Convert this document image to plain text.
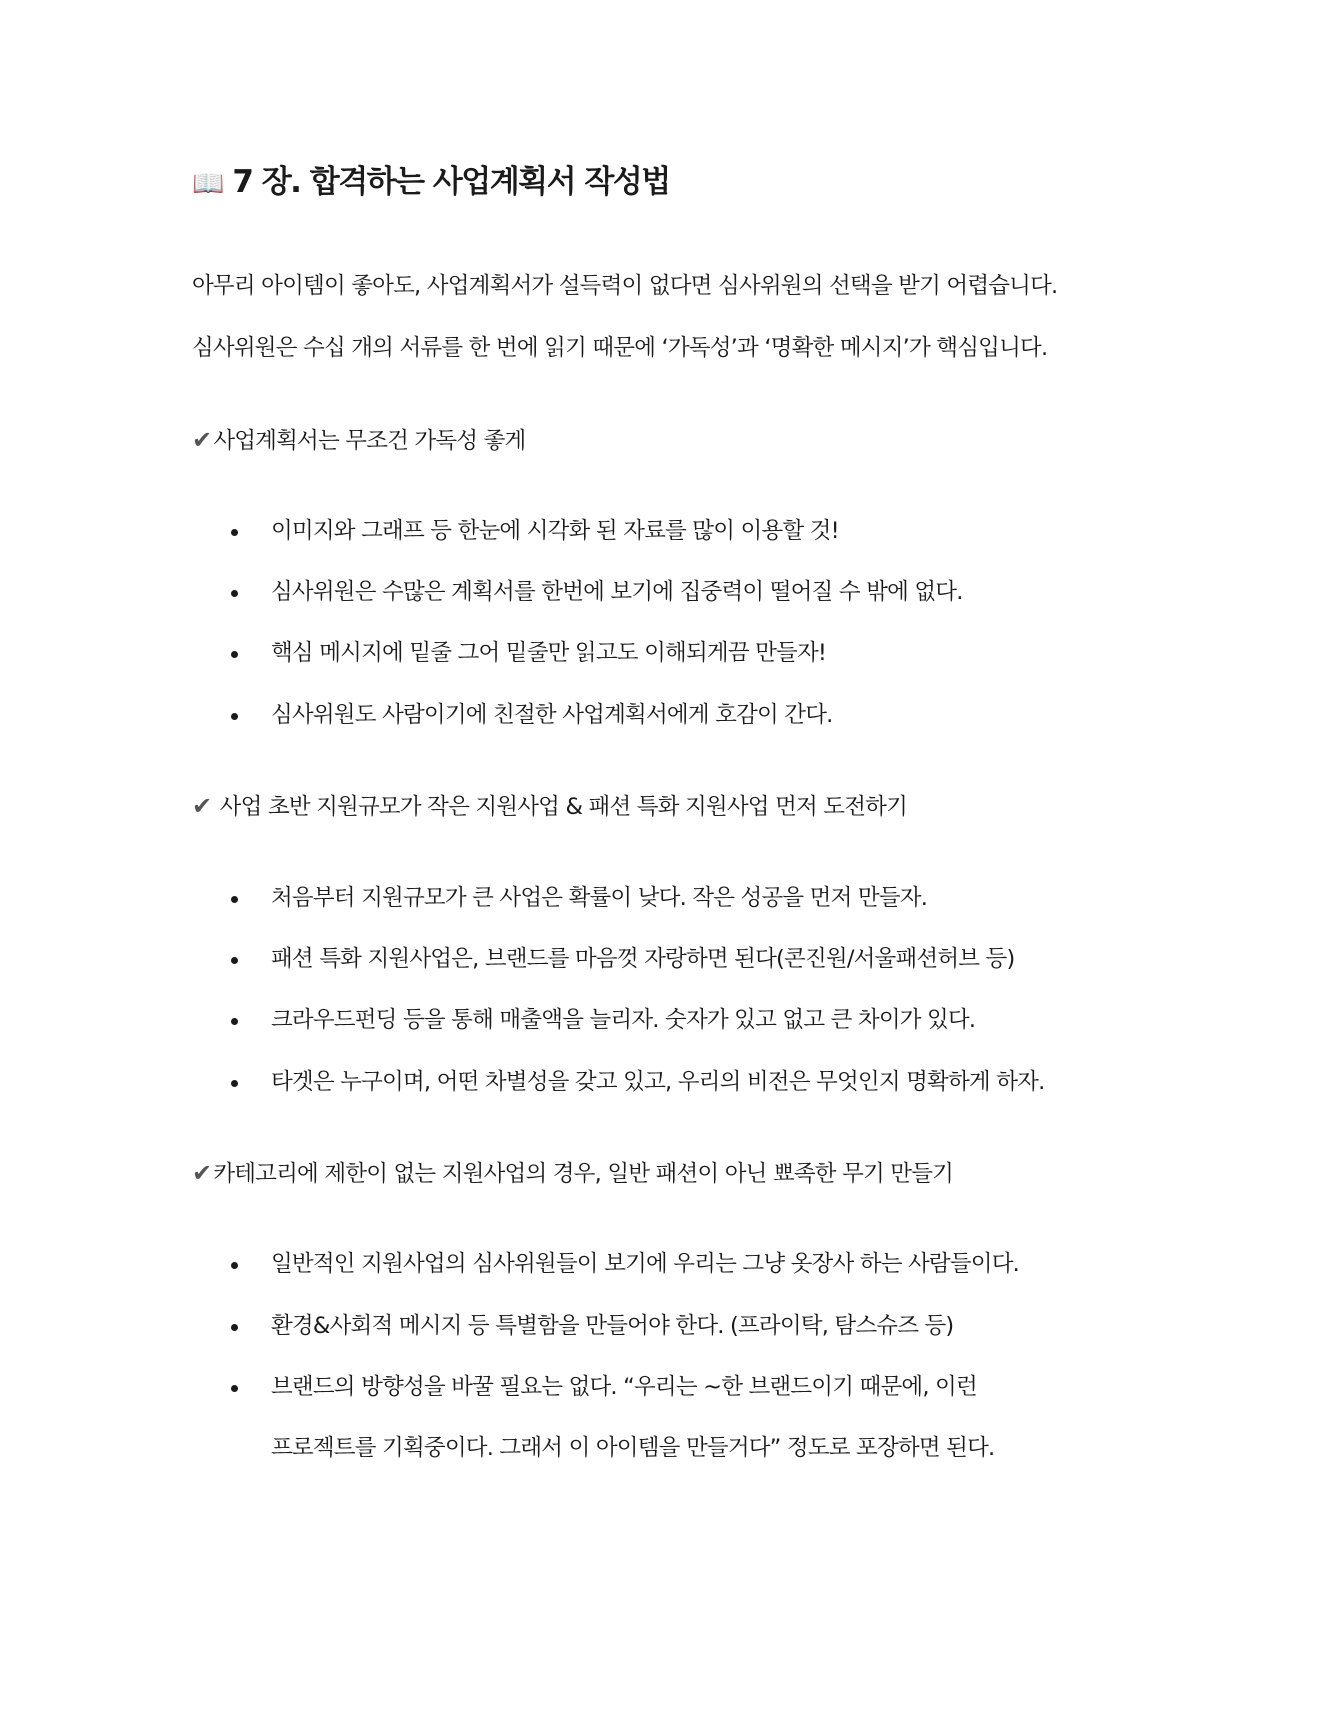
📖 7 장. 합격하는 사업계획서 작성법
아무리 아이템이 좋아도, 사업계획서가 설득력이 없다면 심사위원의 선택을 받기 어렵습니다.
심사위원은 수십 개의 서류를 한 번에 읽기 때문에 ‘가독성’과 ‘명확한 메시지’가 핵심입니다.
✔사업계획서는 무조건 가독성 좋게
이미지와 그래프 등 한눈에 시각화 된 자료를 많이 이용할 것!
심사위원은 수많은 계획서를 한번에 보기에 집중력이 떨어질 수 밖에 없다.
핵심 메시지에 밑줄 그어 밑줄만 읽고도 이해되게끔 만들자!
심사위원도 사람이기에 친절한 사업계획서에게 호감이 간다.
✔ 사업 초반 지원규모가 작은 지원사업 & 패션 특화 지원사업 먼저 도전하기
처음부터 지원규모가 큰 사업은 확률이 낮다. 작은 성공을 먼저 만들자.
패션 특화 지원사업은, 브랜드를 마음껏 자랑하면 된다(콘진원/서울패션허브 등)
크라우드펀딩 등을 통해 매출액을 늘리자. 숫자가 있고 없고 큰 차이가 있다.
타겟은 누구이며, 어떤 차별성을 갖고 있고, 우리의 비전은 무엇인지 명확하게 하자.
✔카테고리에 제한이 없는 지원사업의 경우, 일반 패션이 아닌 뾰족한 무기 만들기
일반적인 지원사업의 심사위원들이 보기에 우리는 그냥 옷장사 하는 사람들이다.
환경&사회적 메시지 등 특별함을 만들어야 한다. (프라이탁, 탐스슈즈 등)
브랜드의 방향성을 바꿀 필요는 없다. “우리는 ~한 브랜드이기 때문에, 이런
프로젝트를 기획중이다. 그래서 이 아이템을 만들거다” 정도로 포장하면 된다.
